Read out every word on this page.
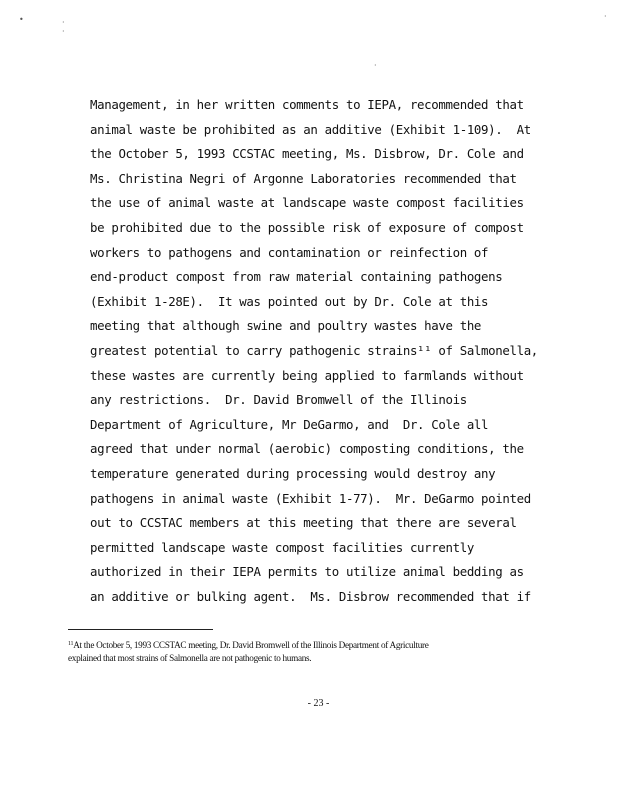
•	·
·
·
·
Management, in her written comments to IEPA, recommended that
animal waste be prohibited as an additive (Exhibit 1-109).  At
the October 5, 1993 CCSTAC meeting, Ms. Disbrow, Dr. Cole and
Ms. Christina Negri of Argonne Laboratories recommended that
the use of animal waste at landscape waste compost facilities
be prohibited due to the possible risk of exposure of compost
workers to pathogens and contamination or reinfection of
end-product compost from raw material containing pathogens
(Exhibit 1-28E).  It was pointed out by Dr. Cole at this
meeting that although swine and poultry wastes have the
greatest potential to carry pathogenic strains¹¹ of Salmonella,
these wastes are currently being applied to farmlands without
any restrictions.  Dr. David Bromwell of the Illinois
Department of Agriculture, Mr DeGarmo, and  Dr. Cole all
agreed that under normal (aerobic) composting conditions, the
temperature generated during processing would destroy any
pathogens in animal waste (Exhibit 1-77).  Mr. DeGarmo pointed
out to CCSTAC members at this meeting that there are several
permitted landscape waste compost facilities currently
authorized in their IEPA permits to utilize animal bedding as
an additive or bulking agent.  Ms. Disbrow recommended that if
$^{11}$At the October 5, 1993 CCSTAC meeting, Dr. David Bromwell of the Illinois Department of Agriculture
explained that most strains of Salmonella are not pathogenic to humans.
- 23 -
